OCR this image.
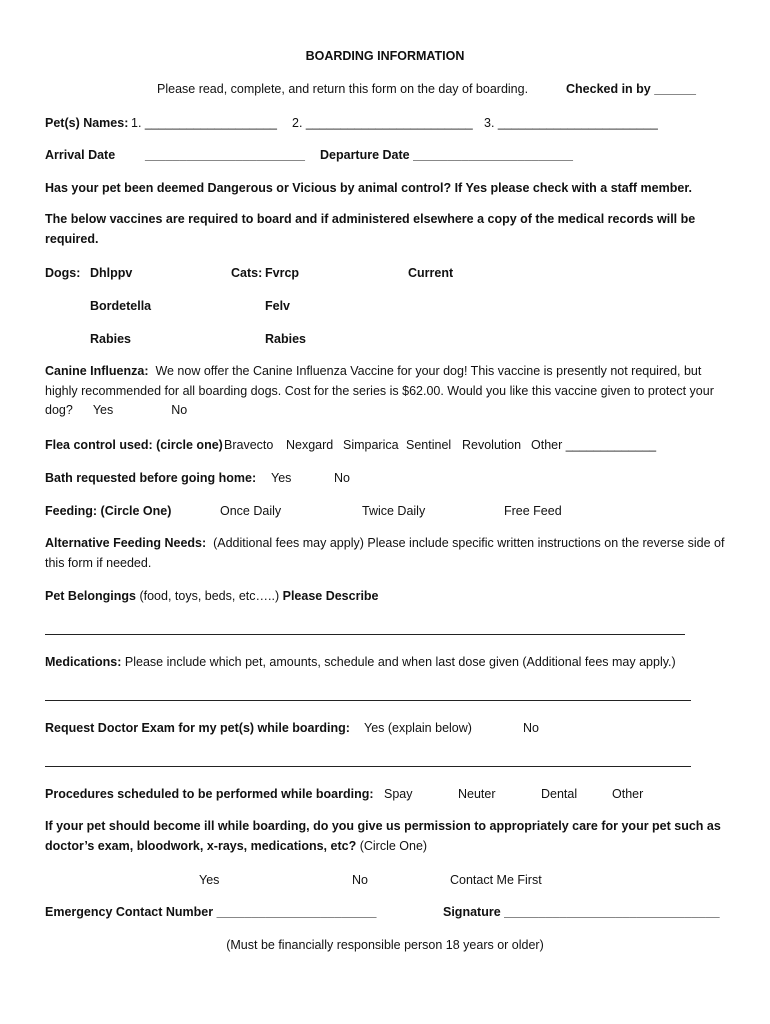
BOARDING INFORMATION
Please read, complete, and return this form on the day of boarding.	Checked in by ______
Pet(s) Names: 1. ___________________ 2. ________________________ 3. _______________________
Arrival Date _______________________ Departure Date _______________________
Has your pet been deemed Dangerous or Vicious by animal control? If Yes please check with a staff member.
The below vaccines are required to board and if administered elsewhere a copy of the medical records will be required.
Dogs: Dhlppv	Cats: Fvrcp	Current
Bordetella	Felv
Rabies	Rabies
Canine Influenza: We now offer the Canine Influenza Vaccine for your dog! This vaccine is presently not required, but highly recommended for all boarding dogs. Cost for the series is $62.00. Would you like this vaccine given to protect your dog? Yes	No
Flea control used: (circle one) Bravecto Nexgard Simparica Sentinel Revolution Other _____________
Bath requested before going home: Yes	No
Feeding: (Circle One)	Once Daily	Twice Daily	Free Feed
Alternative Feeding Needs: (Additional fees may apply) Please include specific written instructions on the reverse side of this form if needed.
Pet Belongings (food, toys, beds, etc…..) Please Describe
Medications: Please include which pet, amounts, schedule and when last dose given (Additional fees may apply.)
Request Doctor Exam for my pet(s) while boarding: Yes (explain below)	No
Procedures scheduled to be performed while boarding: Spay	Neuter	Dental	Other
If your pet should become ill while boarding, do you give us permission to appropriately care for your pet such as doctor’s exam, bloodwork, x-rays, medications, etc? (Circle One)
Yes	No	Contact Me First
Emergency Contact Number _______________________	Signature _______________________________
(Must be financially responsible person 18 years or older)
